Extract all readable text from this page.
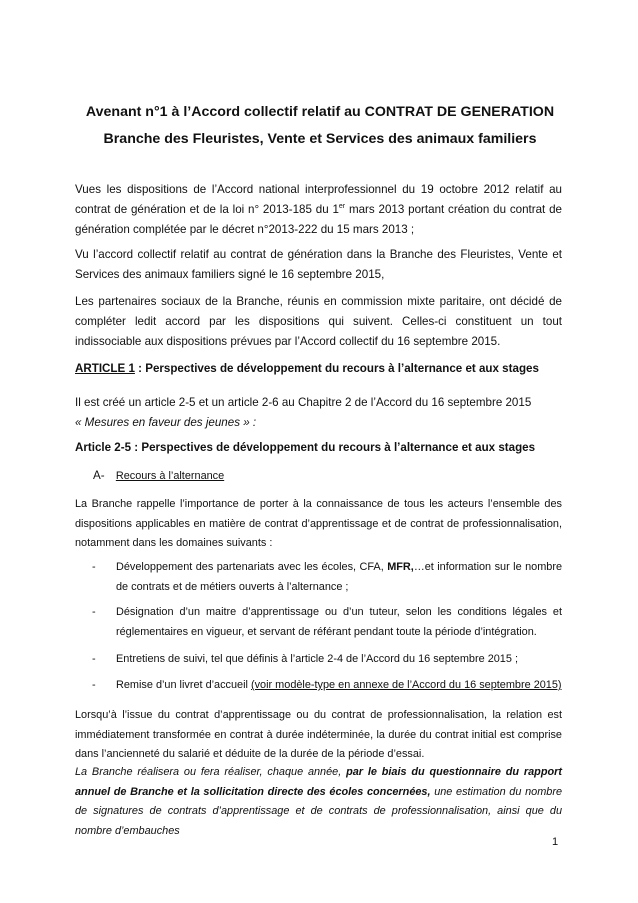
Avenant n°1 à l’Accord collectif relatif au CONTRAT DE GENERATION
Branche des Fleuristes, Vente et Services des animaux familiers
Vues les dispositions de l’Accord national interprofessionnel du 19 octobre 2012 relatif au contrat de génération et de la loi n° 2013-185 du 1er mars 2013 portant création du contrat de génération complétée par le décret n°2013-222 du 15 mars 2013 ;
Vu l’accord collectif relatif au contrat de génération dans la Branche des Fleuristes, Vente et Services des animaux familiers signé le 16 septembre 2015,
Les partenaires sociaux de la Branche, réunis en commission mixte paritaire, ont décidé de compléter ledit accord par les dispositions qui suivent. Celles-ci constituent un tout indissociable aux dispositions prévues par l’Accord collectif du 16 septembre 2015.
ARTICLE 1 : Perspectives de développement du recours à l’alternance et aux stages
Il est créé un article 2-5 et un article 2-6 au Chapitre 2 de l’Accord du 16 septembre 2015
« Mesures en faveur des jeunes » :
Article 2-5 : Perspectives de développement du recours à l’alternance et aux stages
A- Recours à l’alternance
La Branche rappelle l’importance de porter à la connaissance de tous les acteurs l’ensemble des dispositions applicables en matière de contrat d’apprentissage et de contrat de professionnalisation, notamment dans les domaines suivants :
- Développement des partenariats avec les écoles, CFA, MFR,…et information sur le nombre de contrats et de métiers ouverts à l’alternance ;
- Désignation d’un maitre d’apprentissage ou d’un tuteur, selon les conditions légales et réglementaires en vigueur, et servant de référant pendant toute la période d’intégration.
- Entretiens de suivi, tel que définis à l’article 2-4 de l’Accord du 16 septembre 2015 ;
- Remise d’un livret d’accueil (voir modèle-type en annexe de l’Accord du 16 septembre 2015)
Lorsqu’à l’issue du contrat d’apprentissage ou du contrat de professionnalisation, la relation est immédiatement transformée en contrat à durée indéterminée, la durée du contrat initial est comprise dans l’ancienneté du salarié et déduite de la durée de la période d’essai.
La Branche réalisera ou fera réaliser, chaque année, par le biais du questionnaire du rapport annuel de Branche et la sollicitation directe des écoles concernées, une estimation du nombre de signatures de contrats d’apprentissage et de contrats de professionnalisation, ainsi que du nombre d’embauches
1
